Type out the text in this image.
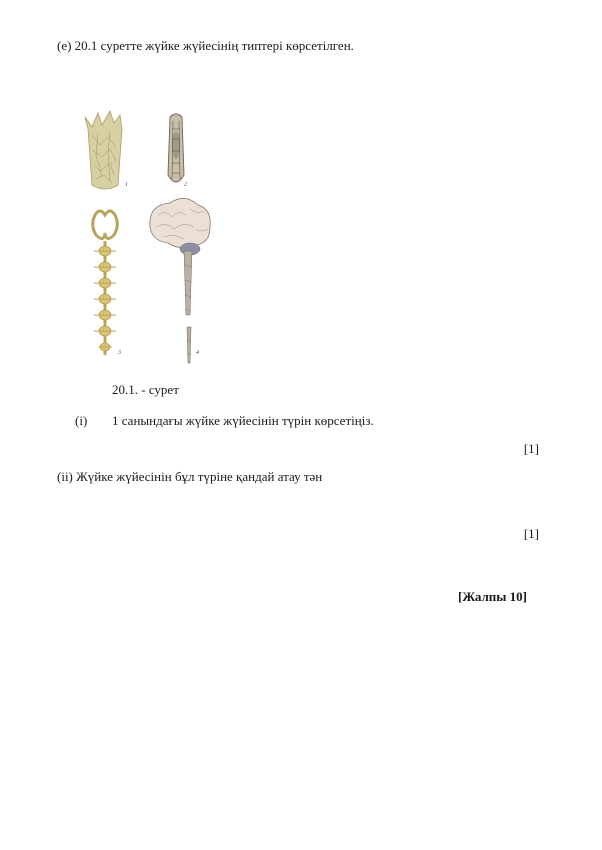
(е) 20.1 суретте жүйке жүйесінің типтері көрсетілген.
1	2
3	4
20.1. - сурет
(i) 1 санындағы жүйке жүйесінін түрін көрсетіңіз.
[1]
(ii) Жүйке жүйесінін бұл түріне қандай атау тән
[1]
[Жалпы 10]
